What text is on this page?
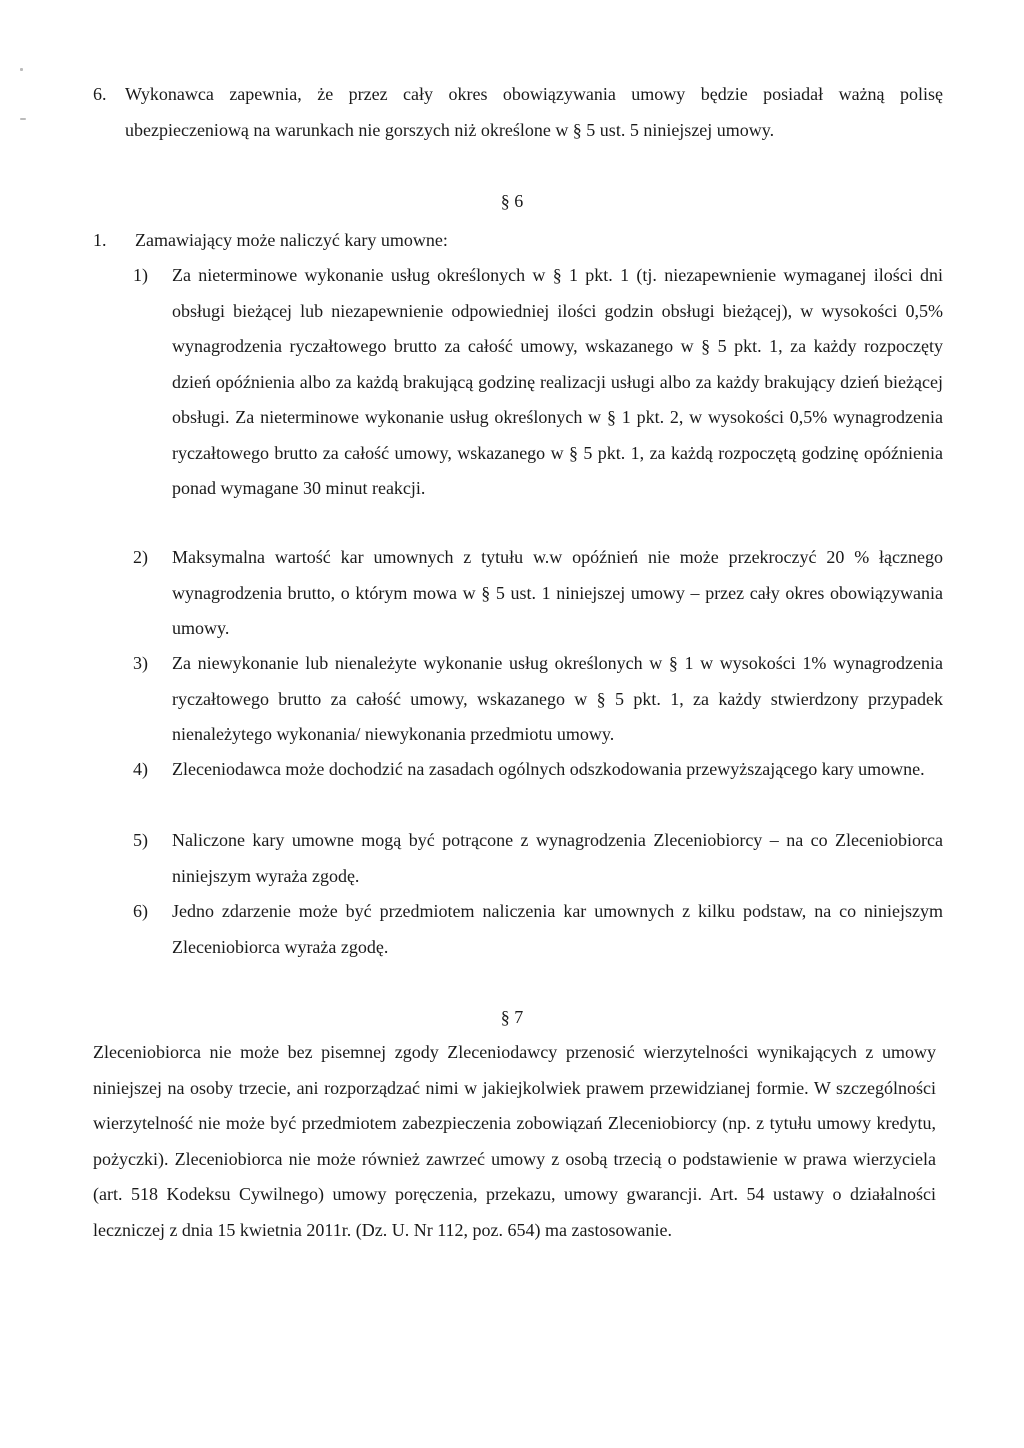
6. Wykonawca zapewnia, że przez cały okres obowiązywania umowy będzie posiadał ważną polisę ubezpieczeniową na warunkach nie gorszych niż określone w § 5 ust. 5 niniejszej umowy.
§ 6
1. Zamawiający może naliczyć kary umowne:
1) Za nieterminowe wykonanie usług określonych w § 1 pkt. 1 (tj. niezapewnienie wymaganej ilości dni obsługi bieżącej lub niezapewnienie odpowiedniej ilości godzin obsługi bieżącej), w wysokości 0,5% wynagrodzenia ryczałtowego brutto za całość umowy, wskazanego w § 5 pkt. 1, za każdy rozpoczęty dzień opóźnienia albo za każdą brakującą godzinę realizacji usługi albo za każdy brakujący dzień bieżącej obsługi. Za nieterminowe wykonanie usług określonych w § 1 pkt. 2, w wysokości 0,5% wynagrodzenia ryczałtowego brutto za całość umowy, wskazanego w § 5 pkt. 1, za każdą rozpoczętą godzinę opóźnienia ponad wymagane 30 minut reakcji.
2) Maksymalna wartość kar umownych z tytułu w.w opóźnień nie może przekroczyć 20 % łącznego wynagrodzenia brutto, o którym mowa w § 5 ust. 1 niniejszej umowy – przez cały okres obowiązywania umowy.
3) Za niewykonanie lub nienależyte wykonanie usług określonych w § 1 w wysokości 1% wynagrodzenia ryczałtowego brutto za całość umowy, wskazanego w § 5 pkt. 1, za każdy stwierdzony przypadek nienależytego wykonania/ niewykonania przedmiotu umowy.
4) Zleceniodawca może dochodzić na zasadach ogólnych odszkodowania przewyższającego kary umowne.
5) Naliczone kary umowne mogą być potrącone z wynagrodzenia Zleceniobiorcy – na co Zleceniobiorca niniejszym wyraża zgodę.
6) Jedno zdarzenie może być przedmiotem naliczenia kar umownych z kilku podstaw, na co niniejszym Zleceniobiorca wyraża zgodę.
§ 7
Zleceniobiorca nie może bez pisemnej zgody Zleceniodawcy przenosić wierzytelności wynikających z umowy niniejszej na osoby trzecie, ani rozporządzać nimi w jakiejkolwiek prawem przewidzianej formie. W szczególności wierzytelność nie może być przedmiotem zabezpieczenia zobowiązań Zleceniobiorcy (np. z tytułu umowy kredytu, pożyczki). Zleceniobiorca nie może również zawrzeć umowy z osobą trzecią o podstawienie w prawa wierzyciela (art. 518 Kodeksu Cywilnego) umowy poręczenia, przekazu, umowy gwarancji. Art. 54 ustawy o działalności leczniczej z dnia 15 kwietnia 2011r. (Dz. U. Nr 112, poz. 654) ma zastosowanie.
